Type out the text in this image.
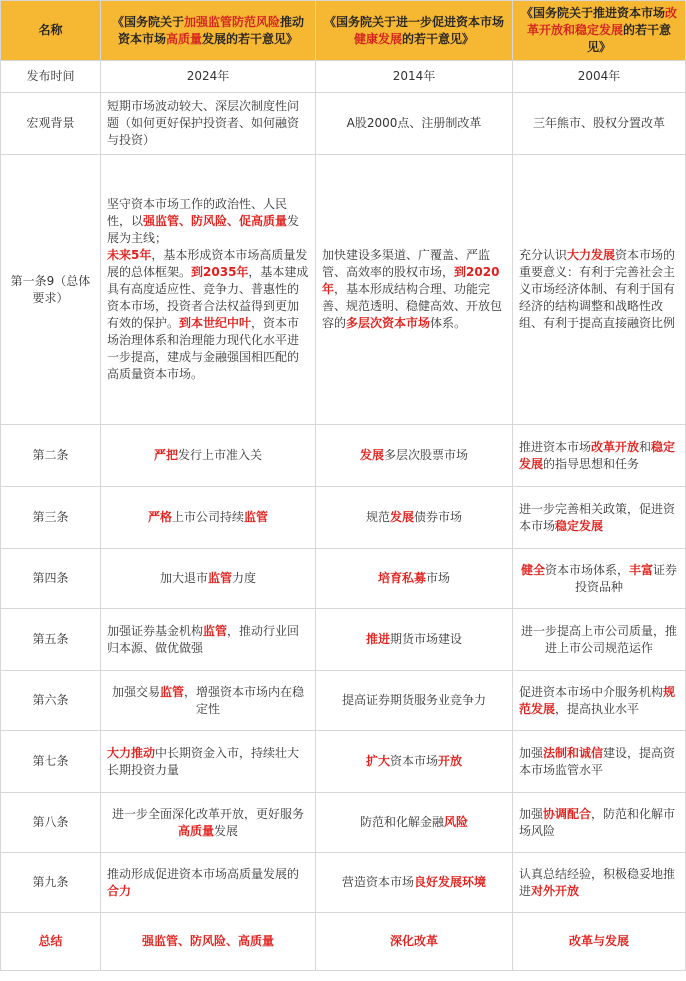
名称	《国务院关于加强监管防范风险推动资本市场高质量发展的若干意见》	《国务院关于进一步促进资本市场健康发展的若干意见》	《国务院关于推进资本市场改革开放和稳定发展的若干意见》
发布时间	2024年	2014年	2004年
宏观背景	短期市场波动较大、深层次制度性问题（如何更好保护投资者、如何融资与投资）	A股2000点、注册制改革	三年熊市、股权分置改革
第一条9（总体要求）	坚守资本市场工作的政治性、人民性，以强监管、防风险、促高质量发展为主线；
未来5年，基本形成资本市场高质量发展的总体框架。到2035年，基本建成具有高度适应性、竞争力、普惠性的资本市场，投资者合法权益得到更加有效的保护。到本世纪中叶，资本市场治理体系和治理能力现代化水平进一步提高，建成与金融强国相匹配的高质量资本市场。	加快建设多渠道、广覆盖、严监管、高效率的股权市场，到2020年，基本形成结构合理、功能完善、规范透明、稳健高效、开放包容的多层次资本市场体系。	充分认识大力发展资本市场的重要意义：有利于完善社会主义市场经济体制、有利于国有经济的结构调整和战略性改组、有利于提高直接融资比例
第二条	严把发行上市准入关	发展多层次股票市场	推进资本市场改革开放和稳定发展的指导思想和任务
第三条	严格上市公司持续监管	规范发展债券市场	进一步完善相关政策，促进资本市场稳定发展
第四条	加大退市监管力度	培育私募市场	健全资本市场体系，丰富证券投资品种
第五条	加强证券基金机构监管，推动行业回归本源、做优做强	推进期货市场建设	进一步提高上市公司质量，推进上市公司规范运作
第六条	加强交易监管，增强资本市场内在稳定性	提高证券期货服务业竞争力	促进资本市场中介服务机构规范发展，提高执业水平
第七条	大力推动中长期资金入市，持续壮大长期投资力量	扩大资本市场开放	加强法制和诚信建设，提高资本市场监管水平
第八条	进一步全面深化改革开放，更好服务高质量发展	防范和化解金融风险	加强协调配合，防范和化解市场风险
第九条	推动形成促进资本市场高质量发展的合力	营造资本市场良好发展环境	认真总结经验，积极稳妥地推进对外开放
总结	强监管、防风险、高质量	深化改革	改革与发展
